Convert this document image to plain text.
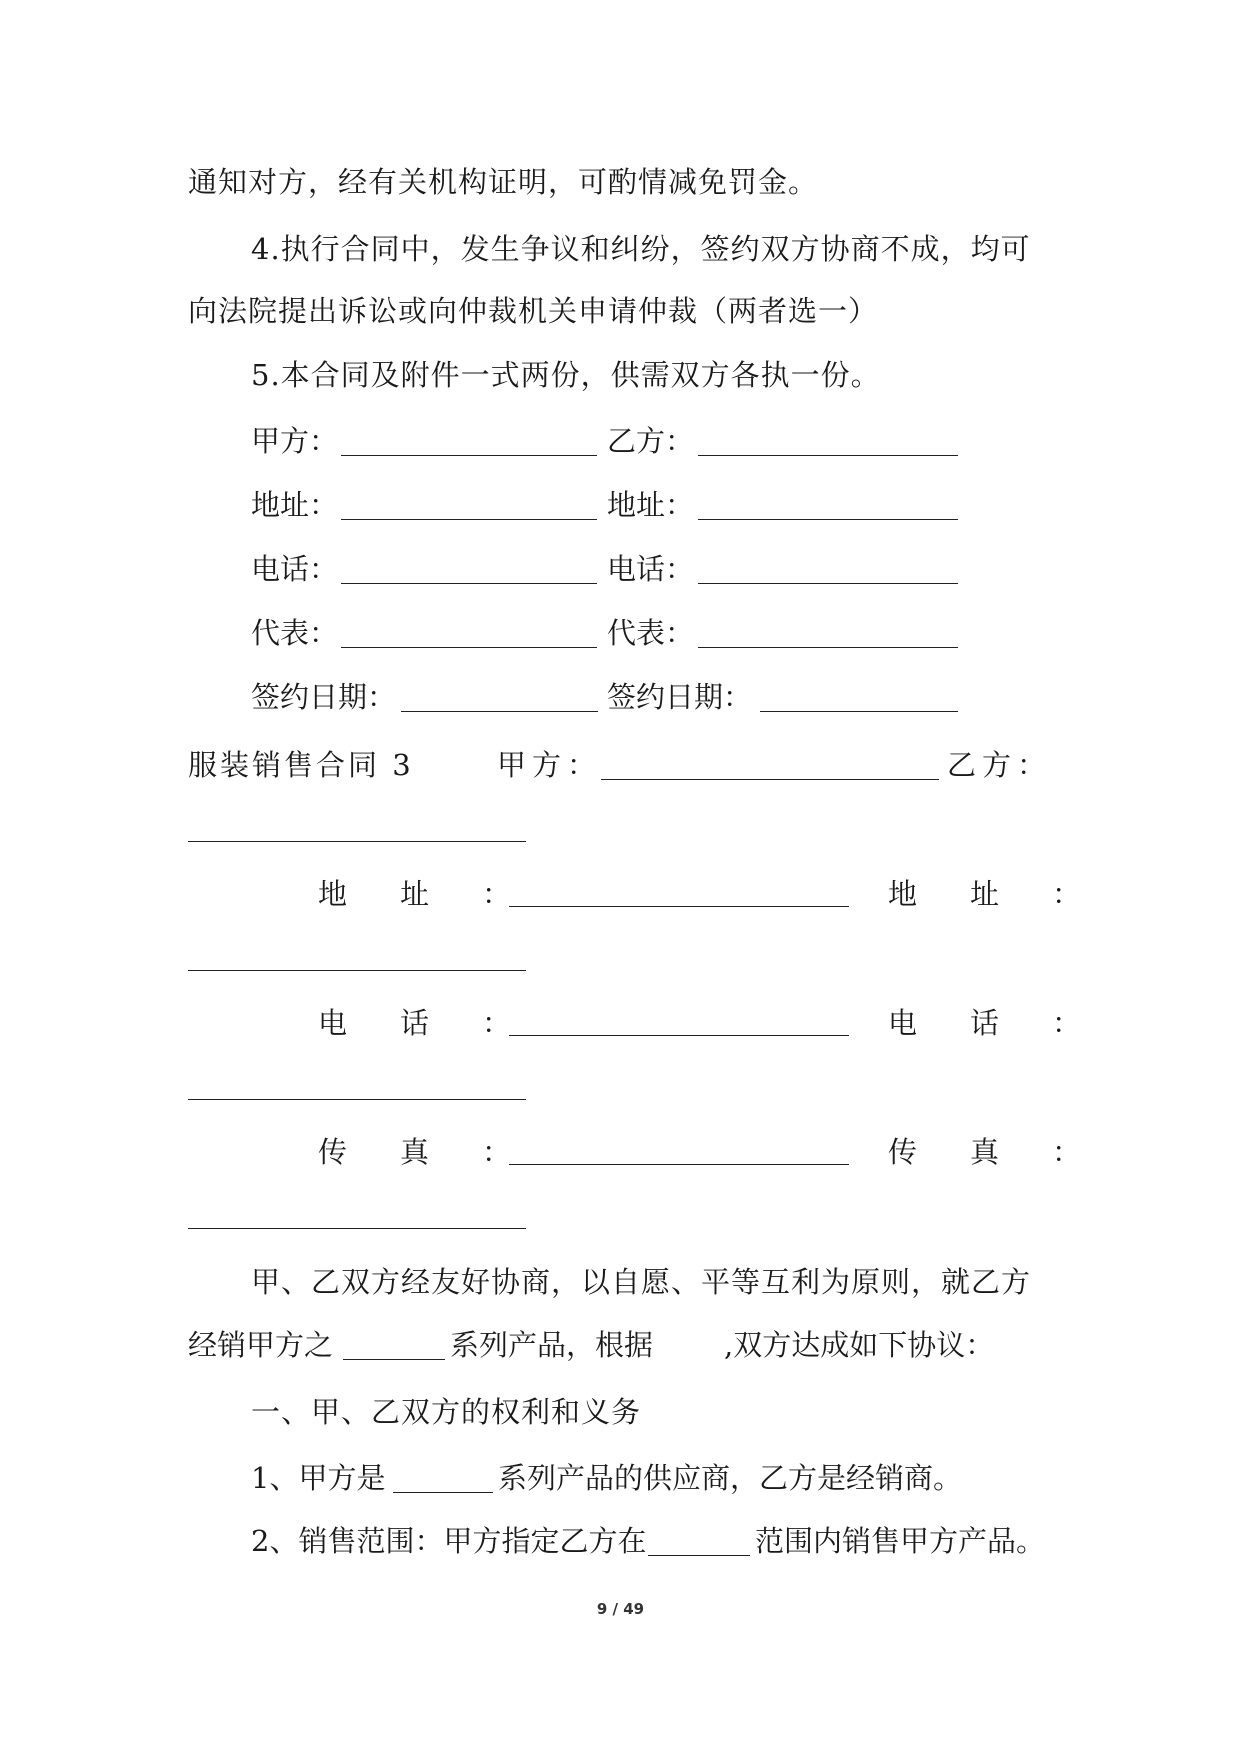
通知对方，经有关机构证明，可酌情减免罚金。
4.执行合同中，发生争议和纠纷，签约双方协商不成，均可
向法院提出诉讼或向仲裁机关申请仲裁（两者选一）
5.本合同及附件一式两份，供需双方各执一份。
甲方：	乙方：
地址：	地址：
电话：	电话：
代表：	代表：
签约日期：	签约日期：
服装销售合同 3	甲方：	乙方：
地　址　：	地　址　：
电　话　：	电　话　：
传　真　：	传　真　：
甲、乙双方经友好协商，以自愿、平等互利为原则，就乙方
经销甲方之	系列产品，根据 ,双方达成如下协议：
一、甲、乙双方的权利和义务
1、甲方是	系列产品的供应商，乙方是经销商。
2、销售范围：甲方指定乙方在	范围内销售甲方产品。
9 / 49
